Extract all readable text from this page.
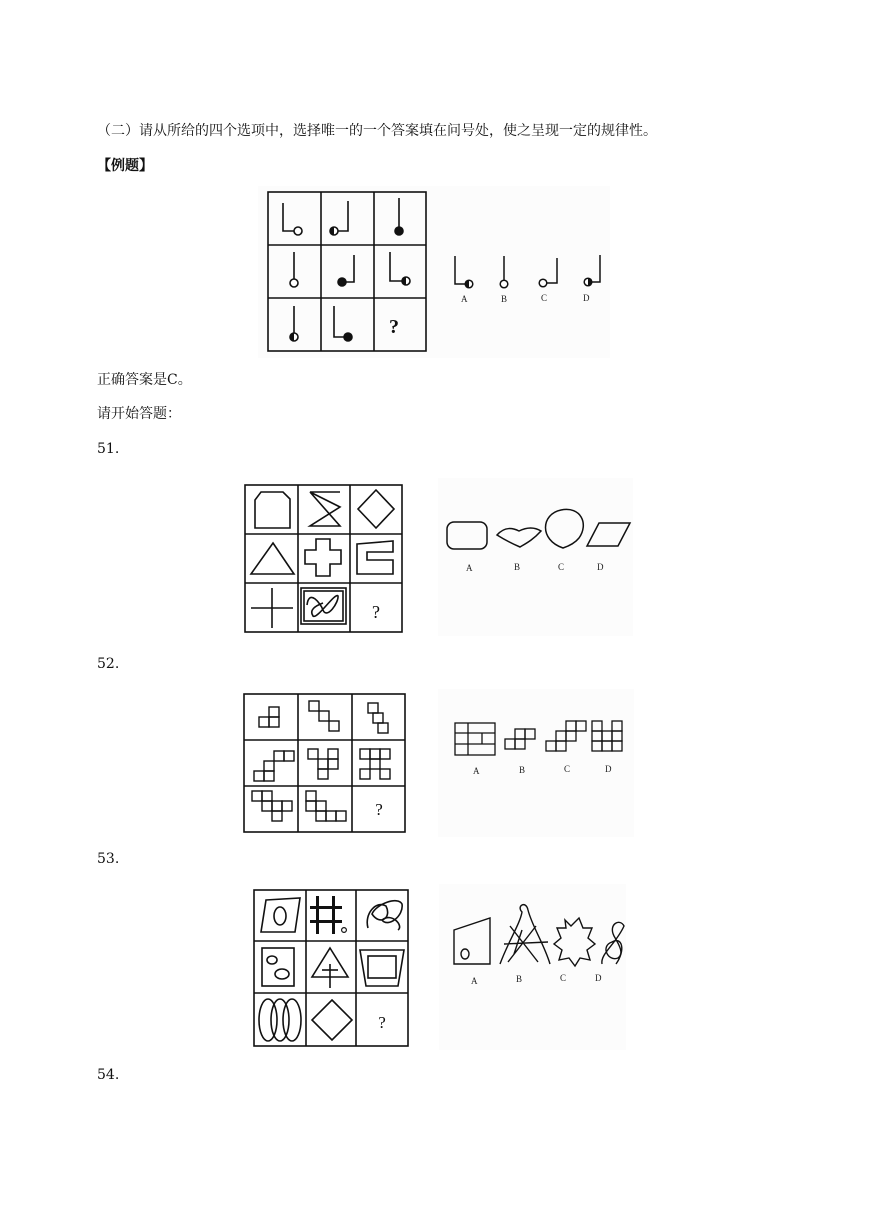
（二）请从所给的四个选项中，选择唯一的一个答案填在问号处，使之呈现一定的规律性。
【例题】
?
A	B	C	D
正确答案是C。
请开始答题：
51.
?
A	B	C	D
52.
?
A	B	C	D
53.
?
A	B	C	D
54.
